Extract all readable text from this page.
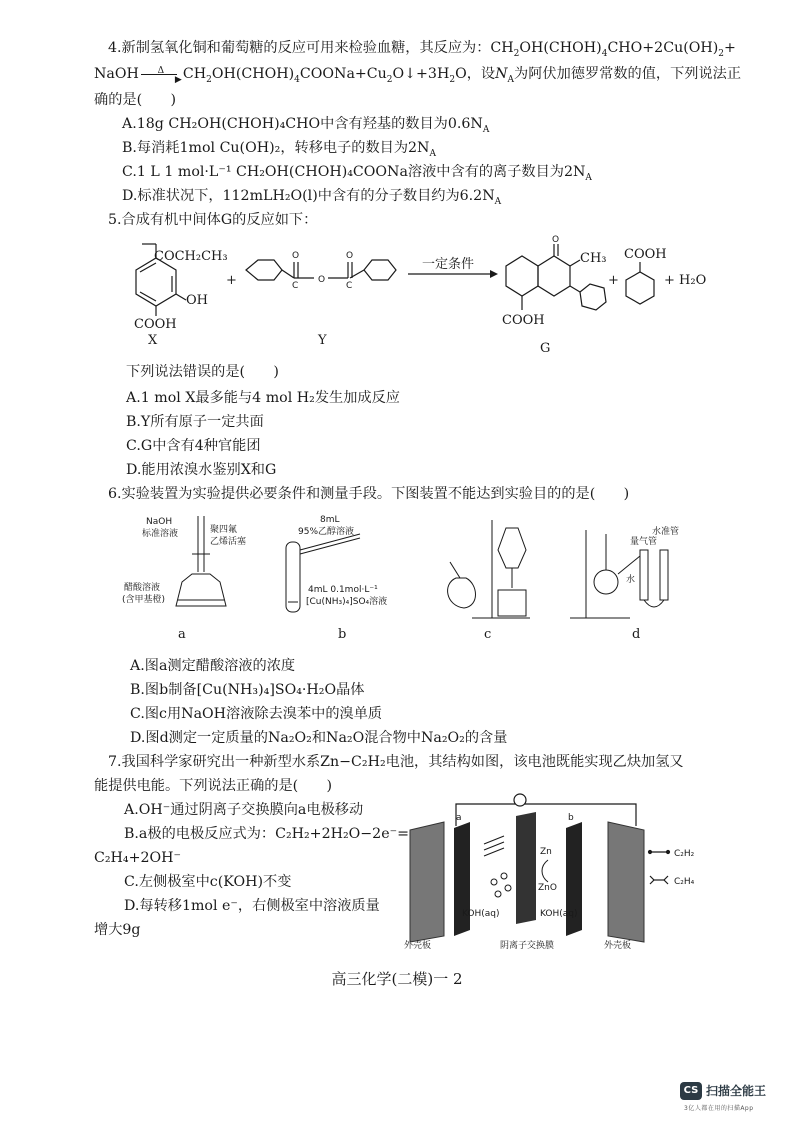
4.新制氢氧化铜和葡萄糖的反应可用来检验血糖，其反应为：$CH_2OH(CHOH)_4CHO+2Cu(OH)_2+$
NaOH	Δ
▶ $CH_2OH(CHOH)_4COONa+Cu_2O↓+3H_2O$，设$N_A$为阿伏加德罗常数的值，下列说法正
确的是(　　)
A.18g CH₂OH(CHOH)₄CHO中含有羟基的数目为$0.6N_A$
B.每消耗1mol Cu(OH)₂，转移电子的数目为$2N_A$
C.1 L 1 mol·L⁻¹ CH₂OH(CHOH)₄COONa溶液中含有的离子数目为$2N_A$
D.标准状况下，112mLH₂O(l)中含有的分子数目约为$6.2N_A$
5.合成有机中间体G的反应如下：
COCH₂CH₃
OH
COOH
X
+
O
C
O
O
C
Y
一定条件
O
CH₃
COOH
G
+
COOH
+ H₂O
下列说法错误的是(　　)
A.1 mol X最多能与4 mol H₂发生加成反应
B.Y所有原子一定共面
C.G中含有4种官能团
D.能用浓溴水鉴别X和G
6.实验装置为实验提供必要条件和测量手段。下图装置不能达到实验目的的是(　　)
NaOH
标准溶液	聚四氟
乙烯活塞
醋酸溶液
(含甲基橙)
a
8mL
95%乙醇溶液
4mL 0.1mol·L⁻¹
[Cu(NH₃)₄]SO₄溶液
b	c
水
量气管
水准管
d
A.图a测定醋酸溶液的浓度
B.图b制备[Cu(NH₃)₄]SO₄·H₂O晶体
C.图c用NaOH溶液除去溴苯中的溴单质
D.图d测定一定质量的Na₂O₂和Na₂O混合物中Na₂O₂的含量
7.我国科学家研究出一种新型水系Zn−C₂H₂电池，其结构如图，该电池既能实现乙炔加氢又
能提供电能。下列说法正确的是(　　)
A.OH⁻通过阴离子交换膜向a电极移动
B.a极的电极反应式为：C₂H₂+2H₂O−2e⁻=
C₂H₄+2OH⁻
C.左侧极室中c(KOH)不变
D.每转移1mol e⁻，右侧极室中溶液质量
增大9g
a	b
Zn
ZnO
KOH(aq)	KOH(aq)
外壳板	阴离子交换膜	外壳板
C₂H₂
C₂H₄
高三化学(二模)一 2
CS 扫描全能王
3亿人都在用的扫描App
